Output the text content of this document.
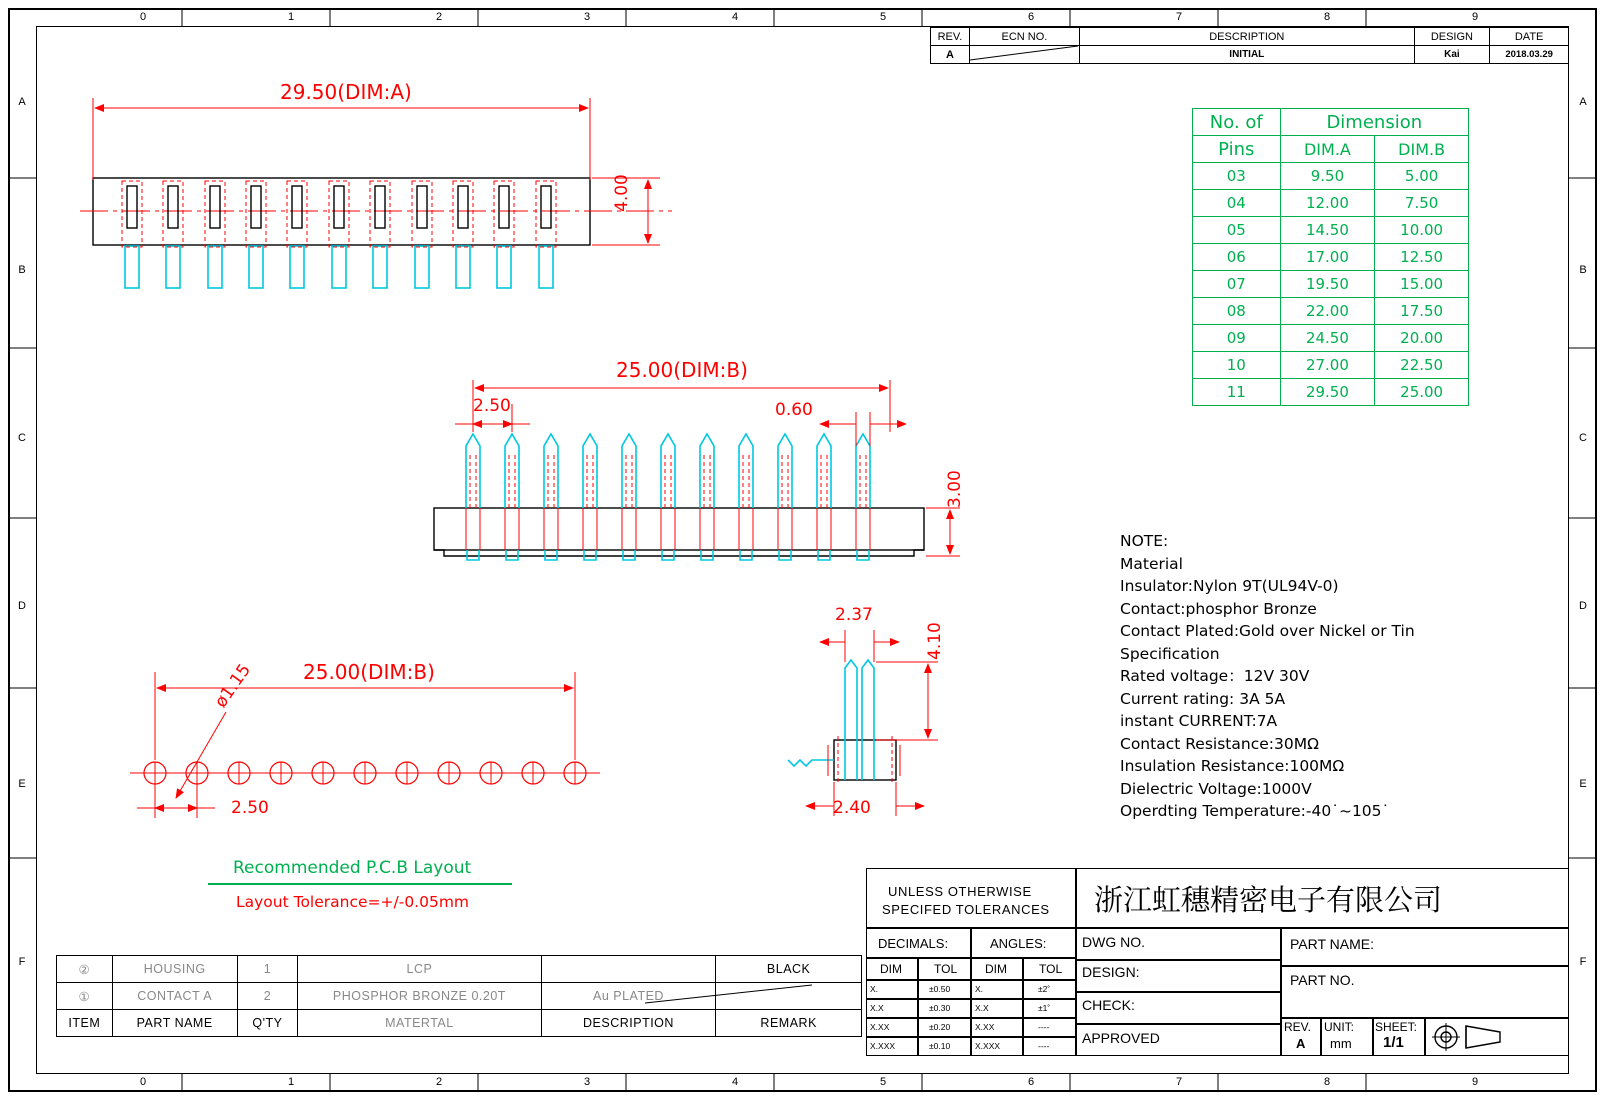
0	1	2	3	4	5	6	7	8	9
0	1	2	3	4	5	6	7	8	9
A
B
C
D
E
F
A
B
C
D
E
F
REV.	ECN NO.	DESCRIPTION	DESIGN	DATE
A		INITIAL	Kai	2018.03.29
No. of	Dimension	
Pins	DIM.A	DIM.B
03	9.50	5.00
04	12.00	7.50
05	14.50	10.00
06	17.00	12.50
07	19.50	15.00
08	22.00	17.50
09	24.50	20.00
10	27.00	22.50
11	29.50	25.00
NOTE:
Material
Insulator:Nylon 9T(UL94V-0)
Contact:phosphor Bronze
Contact Plated:Gold over Nickel or Tin
Specification
Rated voltage：12V 30V
Current rating: 3A 5A
instant CURRENT:7A
Contact Resistance:30MΩ
Insulation Resistance:100MΩ
Dielectric Voltage:1000V
Operdting Temperature:-40˙~105˙
29.50(DIM:A)
4.00
25.00(DIM:B)
2.50	0.60
3.00
25.00(DIM:B)
ø1.15
2.50
Recommended P.C.B Layout
Layout Tolerance=+/-0.05mm
2.37
4.10
2.40
②	HOUSING	1	LCP		BLACK
①	CONTACT A	2	PHOSPHOR BRONZE 0.20T	Au PLATED	
ITEM	PART NAME	Q'TY	MATERTAL	DESCRIPTION	REMARK
UNLESS OTHERWISE
SPECIFED TOLERANCES 浙江虹穗精密电子有限公司
DECIMALS:	ANGLES:
DIM	TOL DIM	TOL
X.	±0.50	X.	±2˚
X.X	±0.30	X.X	±1˚
X.XX	±0.20	X.XX	----
X.XXX	±0.10	X.XXX	----
DWG NO.
DESIGN:
CHECK:
APPROVED
PART NAME:
PART NO.
REV.
A
UNIT:
mm
SHEET:
1/1
